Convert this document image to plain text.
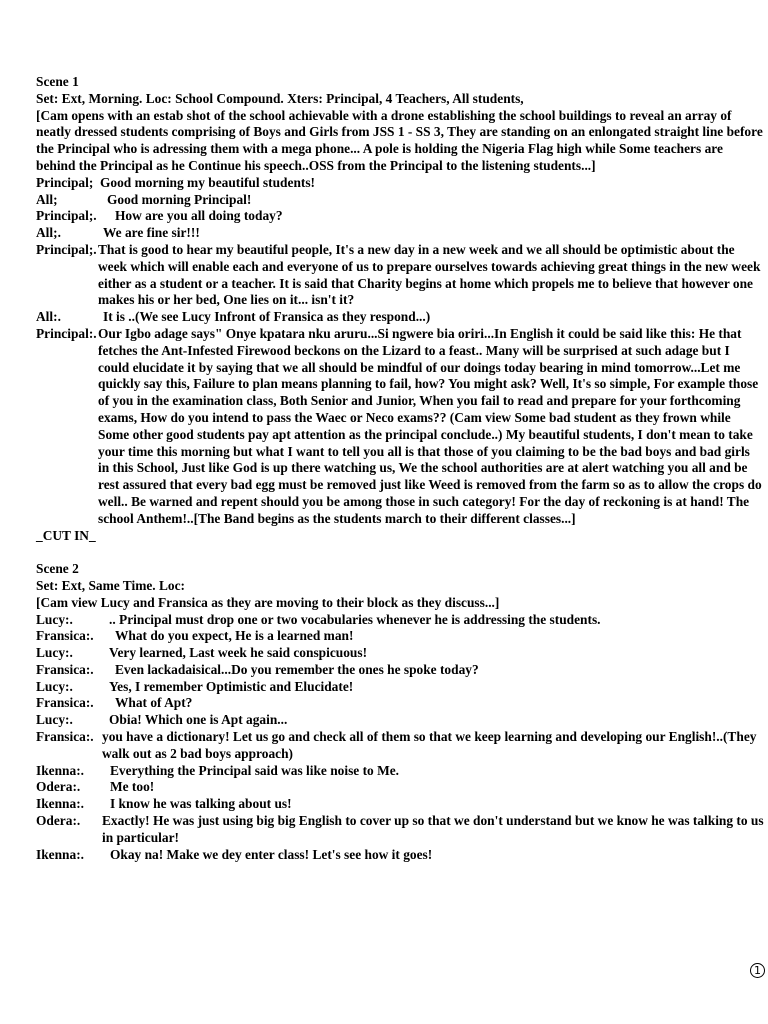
Scene 1
Set: Ext, Morning. Loc: School Compound. Xters: Principal, 4 Teachers, All students,
[Cam opens with an estab shot of the school achievable with a drone establishing the school buildings to reveal an array of neatly dressed students comprising of Boys and Girls from JSS 1 - SS 3, They are standing on an enlongated straight line before the Principal who is adressing them with a mega phone... A pole is holding the Nigeria Flag high while Some teachers are behind the Principal as he Continue his speech..OSS from the Principal to the listening students...]
Principal; Good morning my beautiful students!
All;	Good morning Principal!
Principal;.	How are you all doing today?
All;.	We are fine sir!!!
Principal;. That is good to hear my beautiful people, It's a new day in a new week and we all should be optimistic about the week which will enable each and everyone of us to prepare ourselves towards achieving great things in the new week either as a student or a teacher. It is said that Charity begins at home which propels me to believe that however one makes his or her bed, One lies on it... isn't it?
All:.	It is ..(We see Lucy Infront of Fransica as they respond...)
Principal:. Our Igbo adage says" Onye kpatara nku aruru...Si ngwere bia oriri...In English it could be said like this: He that fetches the Ant-Infested Firewood beckons on the Lizard to a feast.. Many will be surprised at such adage but I could elucidate it by saying that we all should be mindful of our doings today bearing in mind tomorrow...Let me quickly say this, Failure to plan means planning to fail, how? You might ask? Well, It's so simple, For example those of you in the examination class, Both Senior and Junior, When you fail to read and prepare for your forthcoming exams, How do you intend to pass the Waec or Neco exams?? (Cam view Some bad student as they frown while Some other good students pay apt attention as the principal conclude..) My beautiful students, I don't mean to take your time this morning but what I want to tell you all is that those of you claiming to be the bad boys and bad girls in this School, Just like God is up there watching us, We the school authorities are at alert watching you all and be rest assured that every bad egg must be removed just like Weed is removed from the farm so as to allow the crops do well.. Be warned and repent should you be among those in such category! For the day of reckoning is at hand! The school Anthem!..[The Band begins as the students march to their different classes...]
_CUT IN_
Scene 2
Set: Ext, Same Time. Loc:
[Cam view Lucy and Fransica as they are moving to their block as they discuss...]
Lucy:.	.. Principal must drop one or two vocabularies whenever he is addressing the students.
Fransica:.	What do you expect, He is a learned man!
Lucy:.	Very learned, Last week he said conspicuous!
Fransica:.	Even lackadaisical...Do you remember the ones he spoke today?
Lucy:.	Yes, I remember Optimistic and Elucidate!
Fransica:.	What of Apt?
Lucy:.	Obia! Which one is Apt again...
Fransica:. you have a dictionary! Let us go and check all of them so that we keep learning and developing our English!..(They walk out as 2 bad boys approach)
Ikenna:.	Everything the Principal said was like noise to Me.
Odera:.	Me too!
Ikenna:.	I know he was talking about us!
Odera:.	Exactly! He was just using big big English to cover up so that we don't understand but we know he was talking to us in particular!
Ikenna:.	Okay na! Make we dey enter class! Let's see how it goes!
1
